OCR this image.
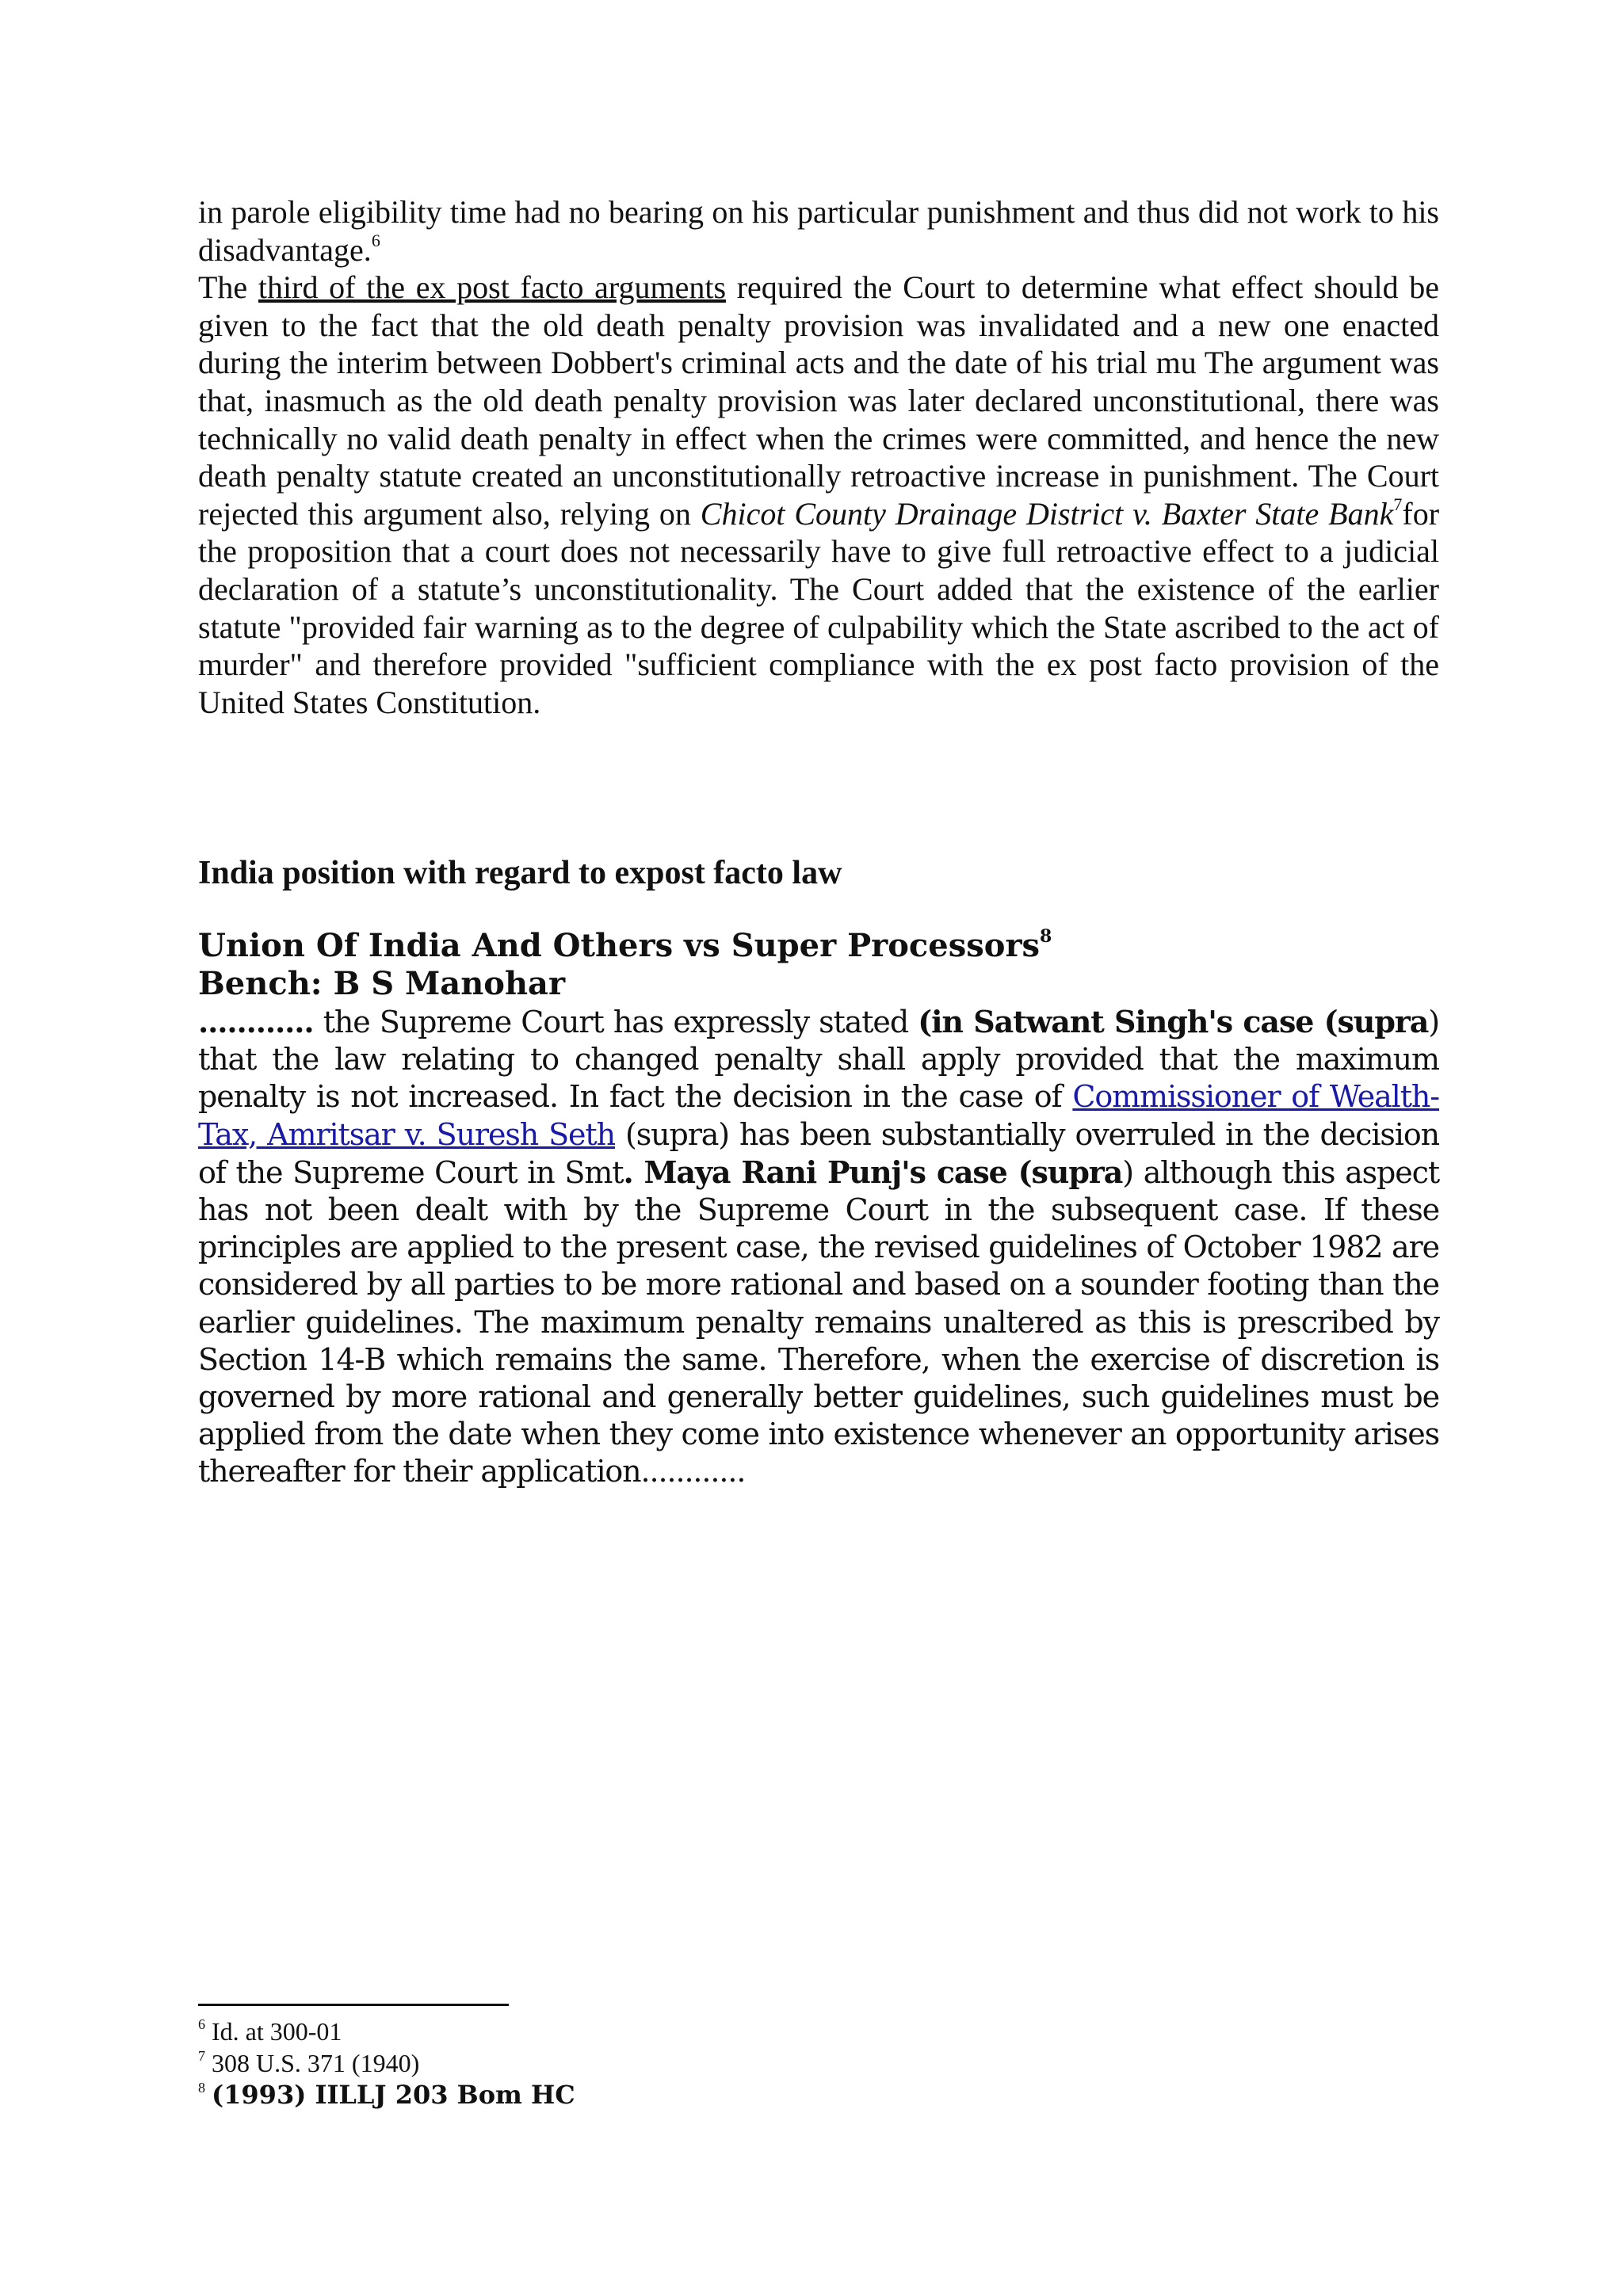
in parole eligibility time had no bearing on his particular punishment and thus did not work to his disadvantage.$^6$

The third of the ex post facto arguments required the Court to determine what effect should be given to the fact that the old death penalty provision was invalidated and a new one enacted during the interim between Dobbert's criminal acts and the date of his trial mu The argument was that, inasmuch as the old death penalty provision was later declared unconstitutional, there was technically no valid death penalty in effect when the crimes were committed, and hence the new death penalty statute created an unconstitutionally retroactive increase in punishment. The Court rejected this argument also, relying on Chicot County Drainage District v. Baxter State Bank$^7$for the proposition that a court does not necessarily have to give full retroactive effect to a judicial declaration of a statute’s unconstitutionality. The Court added that the existence of the earlier statute "provided fair warning as to the degree of culpability which the State ascribed to the act of murder" and therefore provided "sufficient compliance with the ex post facto provision of the United States Constitution.

India position with regard to expost facto law

Union Of India And Others vs Super Processors$^8$

Bench: B S Manohar

............ the Supreme Court has expressly stated (in Satwant Singh's case (supra) that the law relating to changed penalty shall apply provided that the maximum penalty is not increased. In fact the decision in the case of Commissioner of Wealth-Tax, Amritsar v. Suresh Seth (supra) has been substantially overruled in the decision of the Supreme Court in Smt. Maya Rani Punj's case (supra) although this aspect has not been dealt with by the Supreme Court in the subsequent case. If these principles are applied to the present case, the revised guidelines of October 1982 are considered by all parties to be more rational and based on a sounder footing than the earlier guidelines. The maximum penalty remains unaltered as this is prescribed by Section 14-B which remains the same. Therefore, when the exercise of discretion is governed by more rational and generally better guidelines, such guidelines must be applied from the date when they come into existence whenever an opportunity arises thereafter for their application............

$^6$ Id. at 300-01

$^7$ 308 U.S. 371 (1940)

$^8$ (1993) IILLJ 203 Bom HC
